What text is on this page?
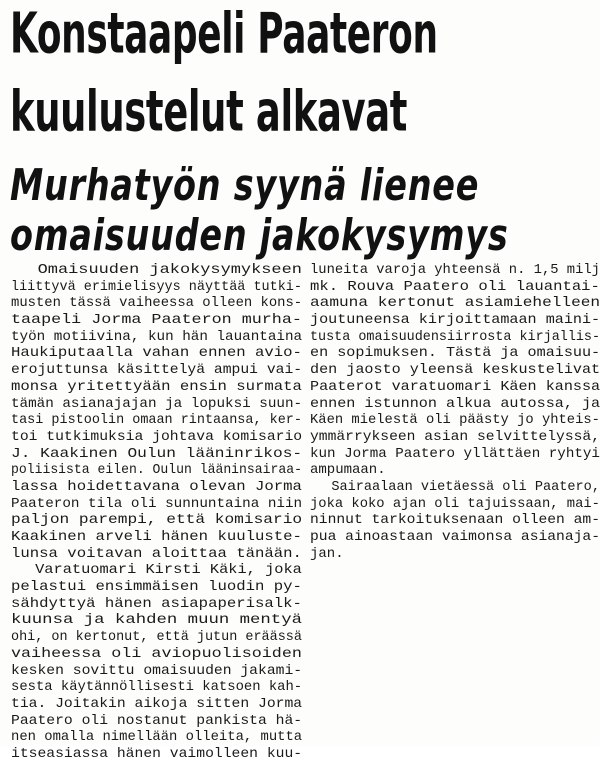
Konstaapeli Paateron
kuulustelut alkavat
Murhatyön syynä lienee
omaisuuden jakokysymys
Omaisuuden jakokysymykseen
liittyvä erimielisyys näyttää tutki-
musten tässä vaiheessa olleen kons-
taapeli Jorma Paateron murha-
työn motiivina, kun hän lauantaina
Haukiputaalla vahan ennen avio-
erojuttunsa käsittelyä ampui vai-
monsa yritettyään ensin surmata
tämän asianajajan ja lopuksi suun-
tasi pistoolin omaan rintaansa, ker-
toi tutkimuksia johtava komisario
J. Kaakinen Oulun lääninrikos-
poliisista eilen. Oulun lääninsairaa-
lassa hoidettavana olevan Jorma
Paateron tila oli sunnuntaina niin
paljon parempi, että komisario
Kaakinen arveli hänen kuuluste-
lunsa voitavan aloittaa tänään.
Varatuomari Kirsti Käki, joka
pelastui ensimmäisen luodin py-
sähdyttyä hänen asiapaperisalk-
kuunsa ja kahden muun mentyä
ohi, on kertonut, että jutun eräässä
vaiheessa oli aviopuolisoiden
kesken sovittu omaisuuden jakami-
sesta käytännöllisesti katsoen kah-
tia. Joitakin aikoja sitten Jorma
Paatero oli nostanut pankista hä-
nen omalla nimellään olleita, mutta
itseasiassa hänen vaimolleen kuu-
luneita varoja yhteensä n. 1,5 milj
mk. Rouva Paatero oli lauantai-
aamuna kertonut asiamiehelleen
joutuneensa kirjoittamaan maini-
tusta omaisuudensiirrosta kirjallis-
en sopimuksen. Tästä ja omaisuu-
den jaosto yleensä keskustelivat
Paaterot varatuomari Käen kanssa
ennen istunnon alkua autossa, ja
Käen mielestä oli päästy jo yhteis-
ymmärrykseen asian selvittelyssä,
kun Jorma Paatero yllättäen ryhtyi
ampumaan.
Sairaalaan vietäessä oli Paatero,
joka koko ajan oli tajuissaan, mai-
ninnut tarkoituksenaan olleen am-
pua ainoastaan vaimonsa asianaja-
jan.
